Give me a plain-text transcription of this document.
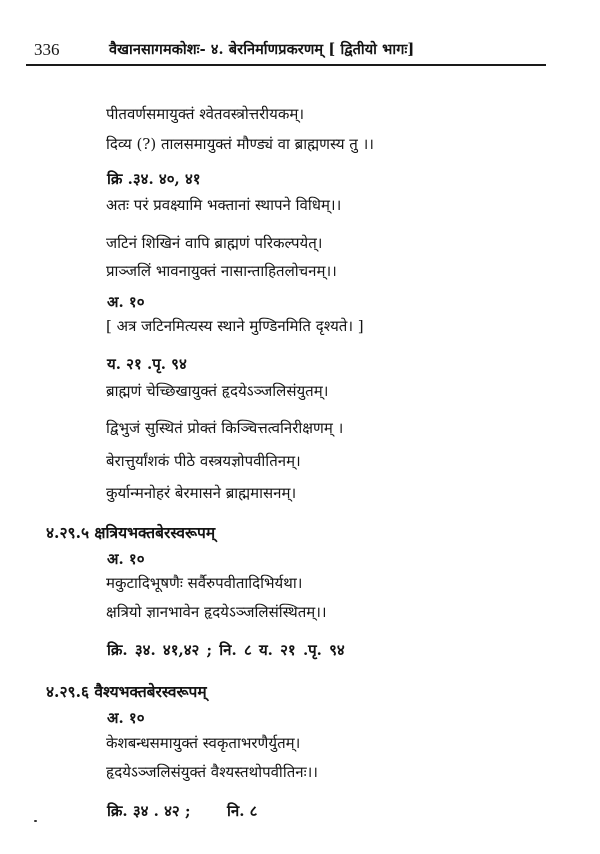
336	वैखानसागमकोशः- ४. बेरनिर्माणप्रकरणम् [ द्वितीयो भागः]
पीतवर्णसमायुक्तं श्वेतवस्त्रोत्तरीयकम्।
दिव्य (?) तालसमायुक्तं मौण्ड्यं वा ब्राह्मणस्य तु ।।
क्रि .३४. ४०, ४१
अतः परं प्रवक्ष्यामि भक्तानां स्थापने विधिम्।।
जटिनं शिखिनं वापि ब्राह्मणं परिकल्पयेत्।
प्राञ्जलिं भावनायुक्तं नासान्ताहितलोचनम्।।
अ. १०
[ अत्र जटिनमित्यस्य स्थाने मुण्डिनमिति दृश्यते। ]
य. २१ .पृ. ९४
ब्राह्मणं चेच्छिखायुक्तं हृदयेऽञ्जलिसंयुतम्।
द्विभुजं सुस्थितं प्रोक्तं किञ्चित्तत्वनिरीक्षणम् ।
बेरात्तुर्यांशकं पीठे वस्त्रयज्ञोपवीतिनम्।
कुर्यान्मनोहरं बेरमासने ब्राह्ममासनम्।
४.२९.५ क्षत्रियभक्तबेरस्वरूपम्
अ. १०
मकुटादिभूषणैः सर्वैरुपवीतादिभिर्यथा।
क्षत्रियो ज्ञानभावेन हृदयेऽञ्जलिसंस्थितम्।।
क्रि. ३४. ४१,४२ ; नि. ८ य. २१ .पृ. ९४
४.२९.६ वैश्यभक्तबेरस्वरूपम्
अ. १०
केशबन्धसमायुक्तं स्वकृताभरणैर्युतम्।
हृदयेऽञ्जलिसंयुक्तं वैश्यस्तथोपवीतिनः।।
क्रि. ३४ . ४२ ;       नि. ८
